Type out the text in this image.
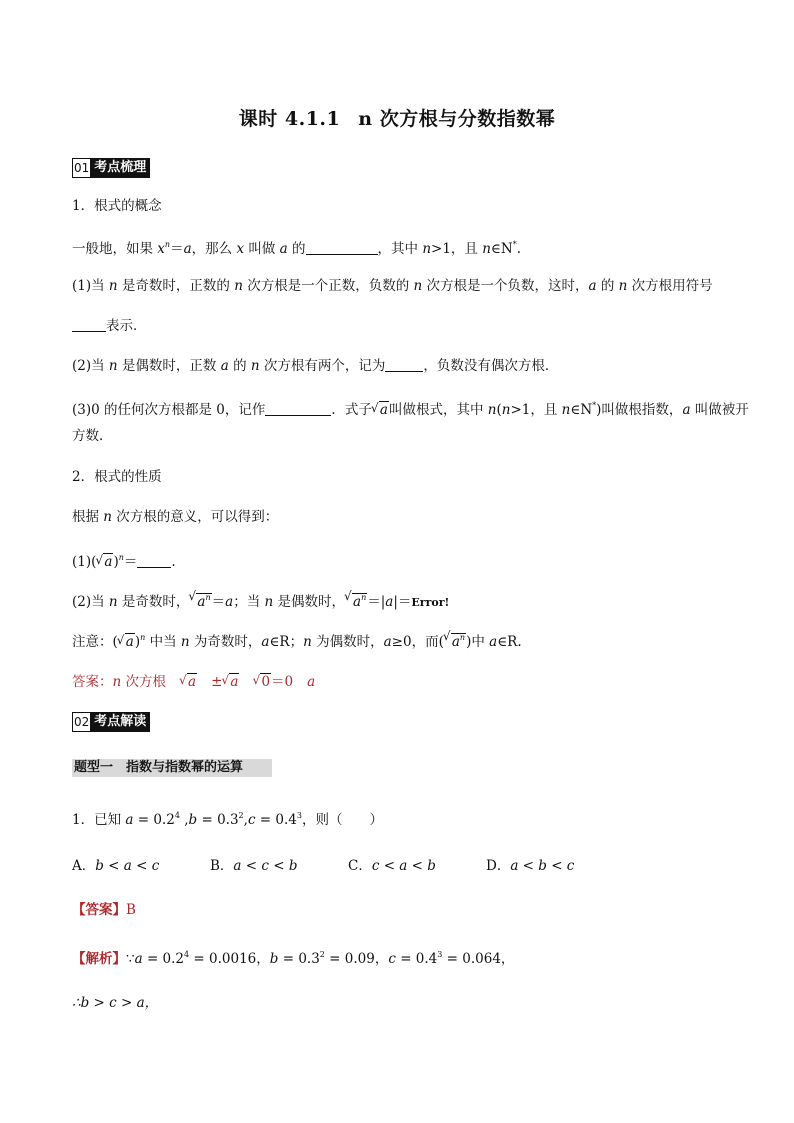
课时 4.1.1 n 次方根与分数指数幂
01 考点梳理
1．根式的概念
一般地，如果 $x^n=a$，那么 x 叫做 a 的	，其中 n>1，且 n∈N*.
(1)当 n 是奇数时，正数的 n 次方根是一个正数，负数的 n 次方根是一个负数，这时，a 的 n 次方根用符号
表示．
(2)当 n 是偶数时，正数 a 的 n 次方根有两个，记为	，负数没有偶次方根．
(3)0 的任何次方根都是 0，记作	．式子 √ a叫做根式，其中 n(n>1，且 n∈N*)叫做根指数，a 叫做被开
方数．
2．根式的性质
根据 n 次方根的意义，可以得到：
(1)( √ a)$^n$＝	.
(2)当 n 是奇数时， √ $a^n=a$；当 n 是偶数时， √ $a^n=|a|=Error$!
注意：( √ a)$^n$ 中当 n 为奇数时，a∈R；n 为偶数时，a≥0，而( √ $a^n$)中 a∈R.
答案：n 次方根 √ a ± √ a √ 0＝0 a
02 考点解读
题型一　指数与指数幂的运算
1．已知 $a = 0.2^4$ $,b = 0.3^2,c = 0.4^3$，则（　　）
A．b < a < c	B．a < c < b	C．c < a < b	D．a < b < c
【答案】B
【解析】∵a = $0.2^4 = 0.0016$，$b = 0.3^2 = 0.09$，$c = 0.4^3 = 0.064$，
∴b > c > a，
